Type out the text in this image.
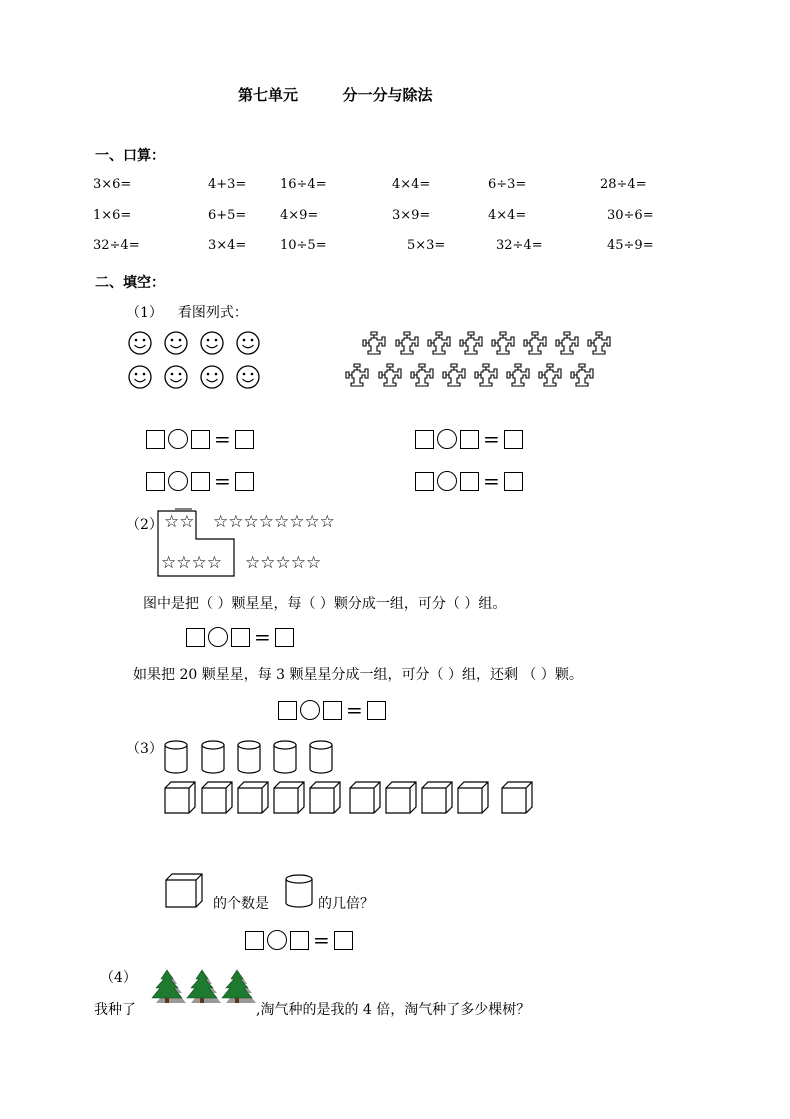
第七单元	分一分与除法
一、口算：
3×6=	4+3=	16÷4=	4×4=	6÷3=	28÷4=
1×6=	6+5=	4×9=	3×9=	4×4=	30÷6=
32÷4=	3×4=	10÷5=	5×3=	32÷4=	45÷9=
二、填空：
（1） 看图列式：
=
=
=
=
（2） ☆☆ ☆☆☆☆☆☆☆☆
☆☆☆☆ ☆☆☆☆☆
图中是把（ ）颗星星，每（ ）颗分成一组，可分（ ）组。
=
如果把 20 颗星星，每 3 颗星星分成一组，可分（ ）组，还剩 （ ）颗。
=
（3）
的个数是	的几倍？
=
（4）
我种了	,淘气种的是我的 4 倍，淘气种了多少棵树？
